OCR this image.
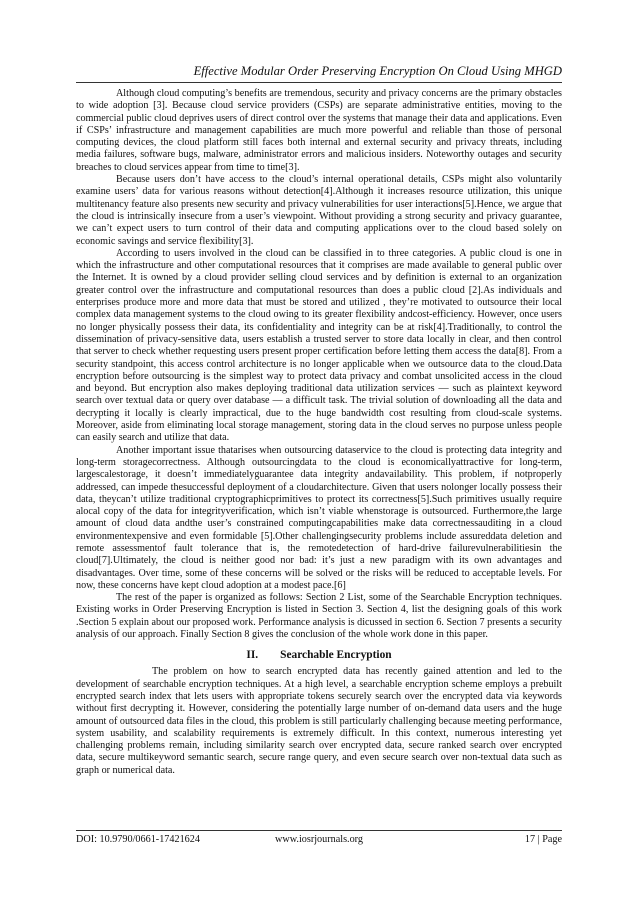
Effective Modular Order Preserving Encryption On Cloud Using MHGD

Although cloud computing’s benefits are tremendous, security and privacy concerns are the primary obstacles to wide adoption [3]. Because cloud service providers (CSPs) are separate administrative entities, moving to the commercial public cloud deprives users of direct control over the systems that manage their data and applications. Even if CSPs’ infrastructure and management capabilities are much more powerful and reliable than those of personal computing devices, the cloud platform still faces both internal and external security and privacy threats, including media failures, software bugs, malware, administrator errors and malicious insiders. Noteworthy outages and security breaches to cloud services appear from time to time[3].

Because users don’t have access to the cloud’s internal operational details, CSPs might also voluntarily examine users’ data for various reasons without detection[4].Although it increases resource utilization, this unique multitenancy feature also presents new security and privacy vulnerabilities for user interactions[5].Hence, we argue that the cloud is intrinsically insecure from a user’s viewpoint. Without providing a strong security and privacy guarantee, we can’t expect users to turn control of their data and computing applications over to the cloud based solely on economic savings and service flexibility[3].

According to users involved in the cloud can be classified in to three categories. A public cloud is one in which the infrastructure and other computational resources that it comprises are made available to general public over the Internet. It is owned by a cloud provider selling cloud services and by definition is external to an organization greater control over the infrastructure and computational resources than does a public cloud [2].As individuals and enterprises produce more and more data that must be stored and utilized , they’re motivated to outsource their local complex data management systems to the cloud owing to its greater flexibility andcost-efficiency. However, once users no longer physically possess their data, its confidentiality and integrity can be at risk[4].Traditionally, to control the dissemination of privacy-sensitive data, users establish a trusted server to store data locally in clear, and then control that server to check whether requesting users present proper certification before letting them access the data[8]. From a security standpoint, this access control architecture is no longer applicable when we outsource data to the cloud.Data encryption before outsourcing is the simplest way to protect data privacy and combat unsolicited access in the cloud and beyond. But encryption also makes deploying traditional data utilization services — such as plaintext keyword search over textual data or query over database — a difficult task. The trivial solution of downloading all the data and decrypting it locally is clearly impractical, due to the huge bandwidth cost resulting from cloud-scale systems. Moreover, aside from eliminating local storage management, storing data in the cloud serves no purpose unless people can easily search and utilize that data.

Another important issue thatarises when outsourcing dataservice to the cloud is protecting data integrity and long-term storagecorrectness. Although outsourcingdata to the cloud is economicallyattractive for long-term, largescalestorage, it doesn’t immediatelyguarantee data integrity andavailability. This problem, if notproperly addressed, can impede thesuccessful deployment of a cloudarchitecture. Given that users nolonger locally possess their data, theycan’t utilize traditional cryptographicprimitives to protect its correctness[5].Such primitives usually require alocal copy of the data for integrityverification, which isn’t viable whenstorage is outsourced. Furthermore,the large amount of cloud data andthe user’s constrained computingcapabilities make data correctnessauditing in a cloud environmentexpensive and even formidable [5].Other challengingsecurity problems include assureddata deletion and remote assessmentof fault tolerance that is, the remotedetection of hard-drive failurevulnerabilitiesin the cloud[7].Ultimately, the cloud is neither good nor bad: it’s just a new paradigm with its own advantages and disadvantages. Over time, some of these concerns will be solved or the risks will be reduced to acceptable levels. For now, these concerns have kept cloud adoption at a modest pace.[6]

The rest of the paper is organized as follows: Section 2 List, some of the Searchable Encryption techniques. Existing works in Order Preserving Encryption is listed in Section 3. Section 4, list the designing goals of this work .Section 5 explain about our proposed work. Performance analysis is dicussed in section 6. Section 7 presents a security analysis of our approach. Finally Section 8 gives the conclusion of the whole work done in this paper.

II. Searchable Encryption

The problem on how to search encrypted data has recently gained attention and led to the development of searchable encryption techniques. At a high level, a searchable encryption scheme employs a prebuilt encrypted search index that lets users with appropriate tokens securely search over the encrypted data via keywords without first decrypting it. However, considering the potentially large number of on-demand data users and the huge amount of outsourced data files in the cloud, this problem is still particularly challenging because meeting performance, system usability, and scalability requirements is extremely difficult. In this context, numerous interesting yet challenging problems remain, including similarity search over encrypted data, secure ranked search over encrypted data, secure multikeyword semantic search, secure range query, and even secure search over non-textual data such as graph or numerical data.

DOI: 10.9790/0661-17421624	www.iosrjournals.org	17 | Page
